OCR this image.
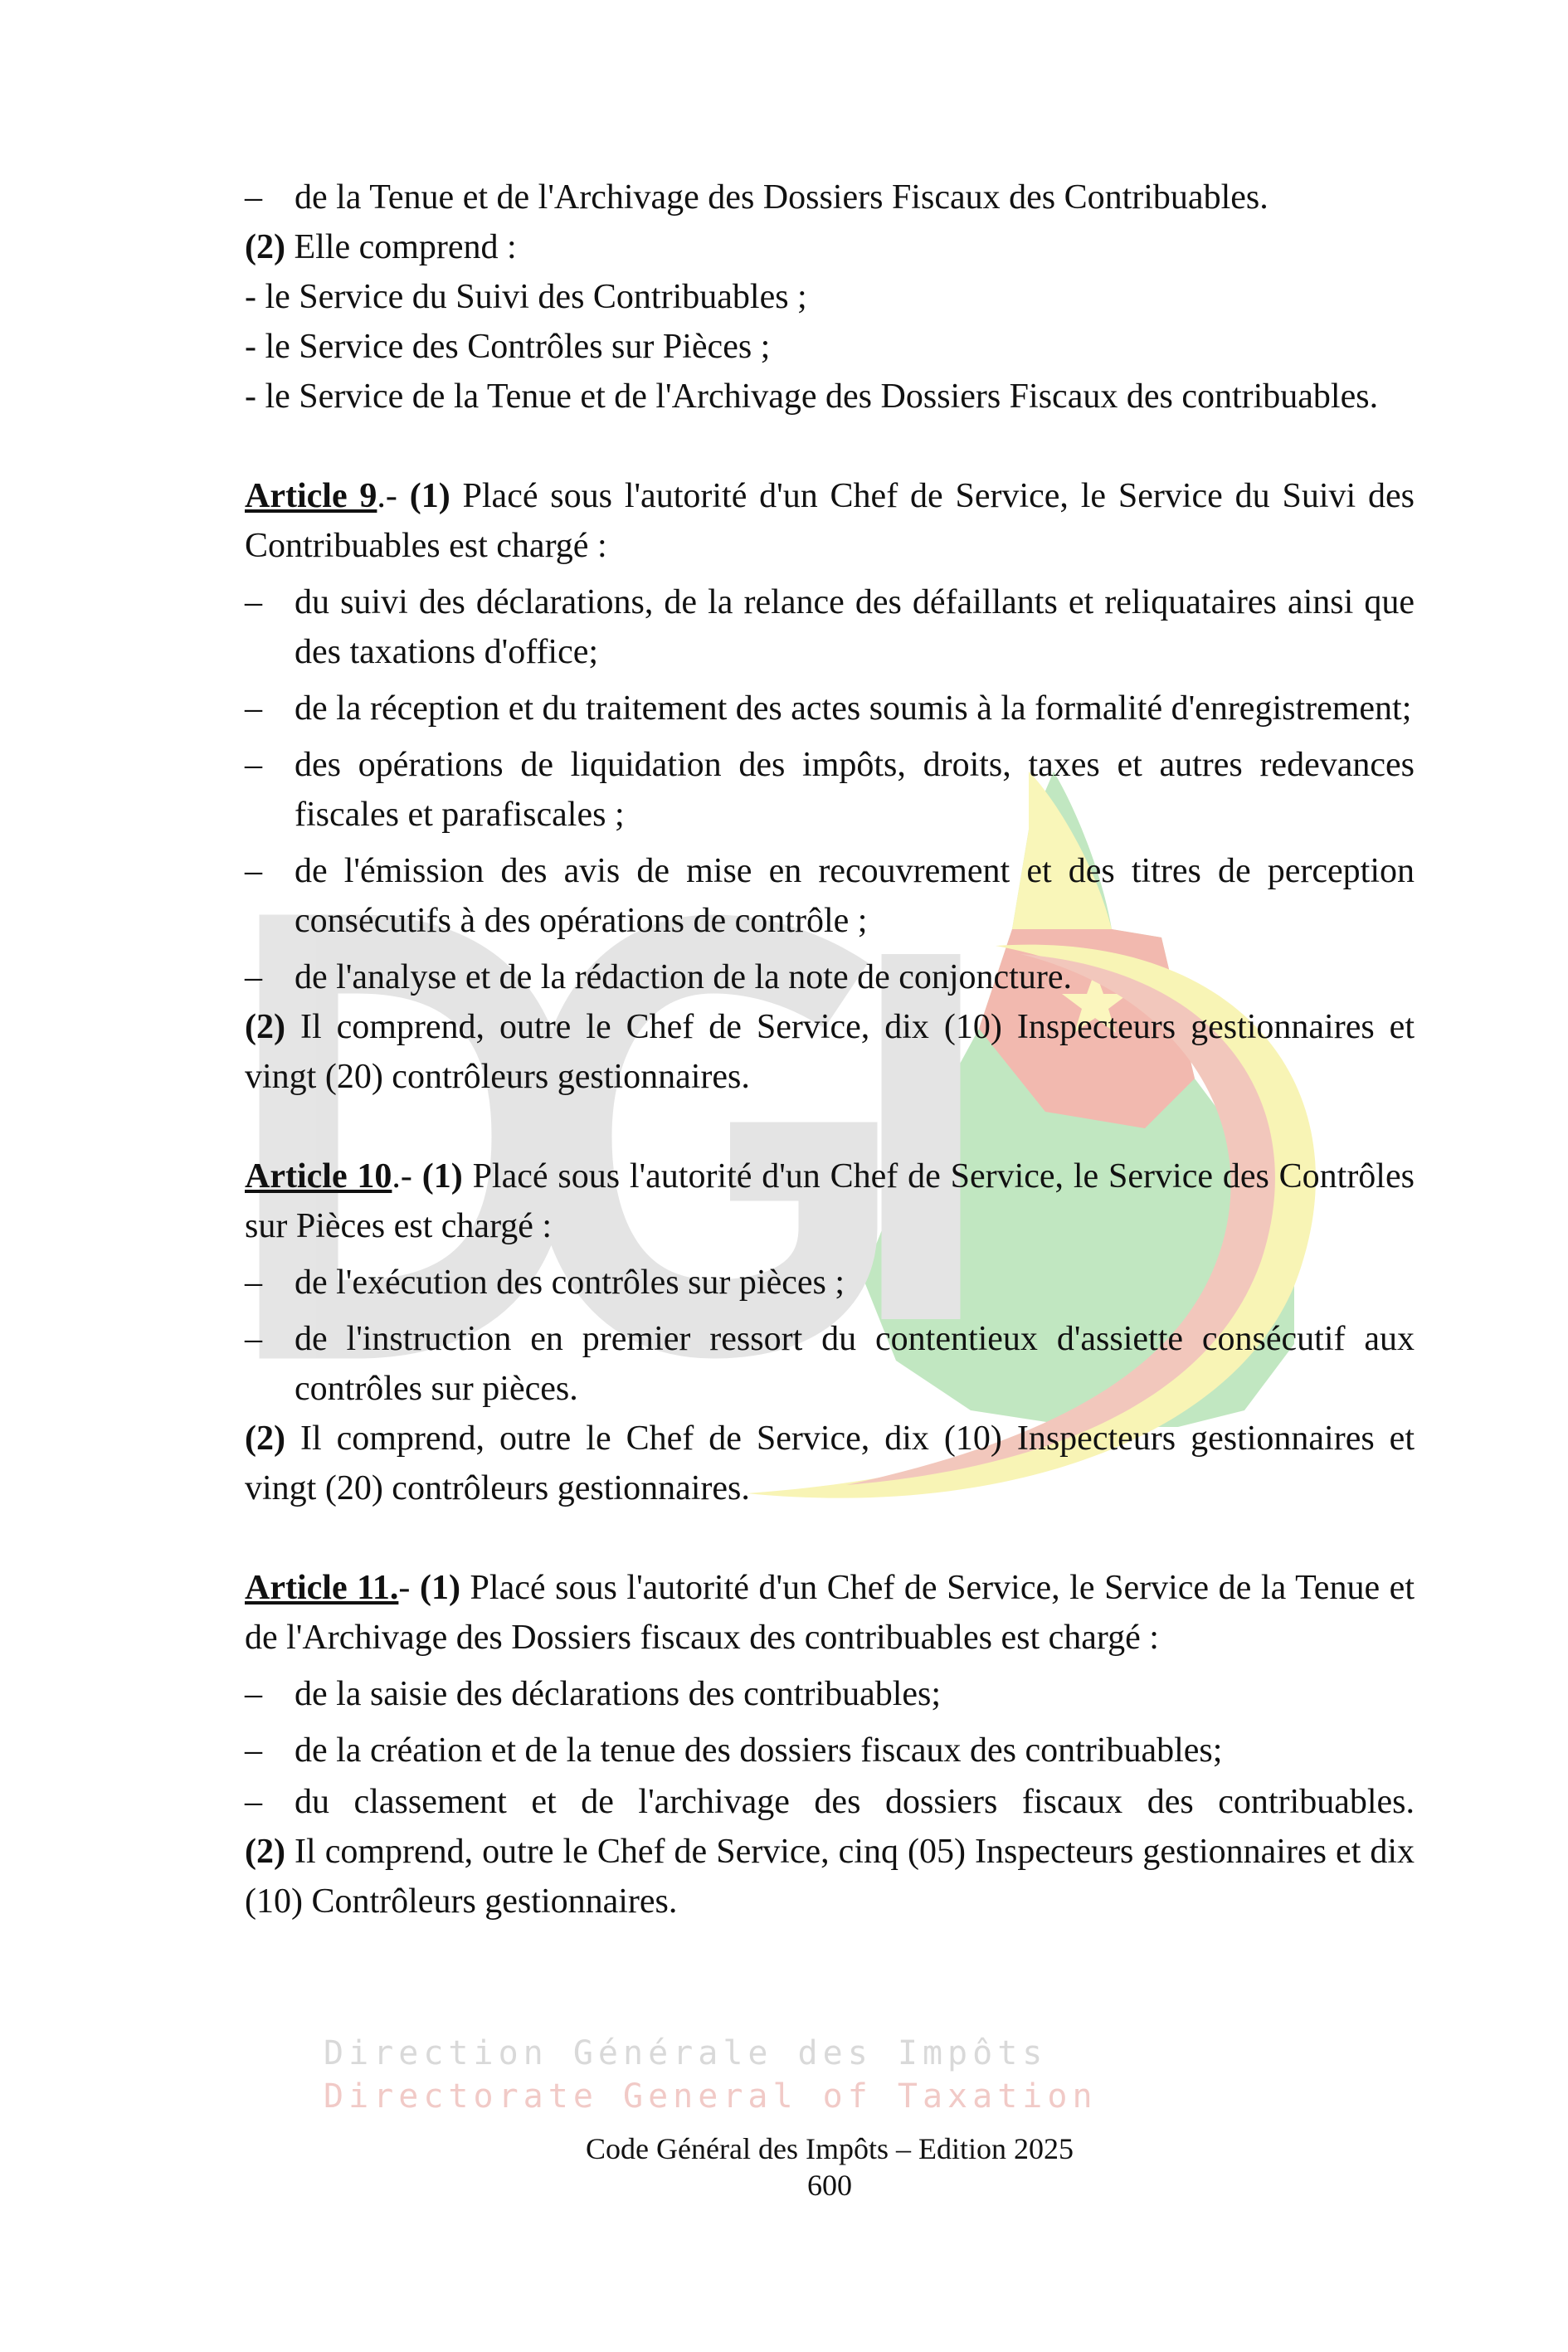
Direction Générale des Impôts
Directorate General of Taxation

– de la Tenue et de l'Archivage des Dossiers Fiscaux des Contribuables.

(2) Elle comprend :

- le Service du Suivi des Contribuables ;

- le Service des Contrôles sur Pièces ;

- le Service de la Tenue et de l'Archivage des Dossiers Fiscaux des contribuables.

Article 9.- (1) Placé sous l'autorité d'un Chef de Service, le Service du Suivi des Contribuables est chargé :

– du suivi des déclarations, de la relance des défaillants et reliquataires ainsi que des taxations d'office;

– de la réception et du traitement des actes soumis à la formalité d'enregistrement;

– des opérations de liquidation des impôts, droits, taxes et autres redevances fiscales et parafiscales ;

– de l'émission des avis de mise en recouvrement et des titres de perception consécutifs à des opérations de contrôle ;

– de l'analyse et de la rédaction de la note de conjoncture.

(2) Il comprend, outre le Chef de Service, dix (10) Inspecteurs gestionnaires et vingt (20) contrôleurs gestionnaires.

Article 10.- (1) Placé sous l'autorité d'un Chef de Service, le Service des Contrôles sur Pièces est chargé :

– de l'exécution des contrôles sur pièces ;

– de l'instruction en premier ressort du contentieux d'assiette consécutif aux contrôles sur pièces.

(2) Il comprend, outre le Chef de Service, dix (10) Inspecteurs gestionnaires et vingt (20) contrôleurs gestionnaires.

Article 11.- (1) Placé sous l'autorité d'un Chef de Service, le Service de la Tenue et de l'Archivage des Dossiers fiscaux des contribuables est chargé :

– de la saisie des déclarations des contribuables;

– de la création et de la tenue des dossiers fiscaux des contribuables;

– du classement et de l'archivage des dossiers fiscaux des contribuables.

(2) Il comprend, outre le Chef de Service, cinq (05) Inspecteurs gestionnaires et dix (10) Contrôleurs gestionnaires.

Code Général des Impôts – Edition 2025
600
